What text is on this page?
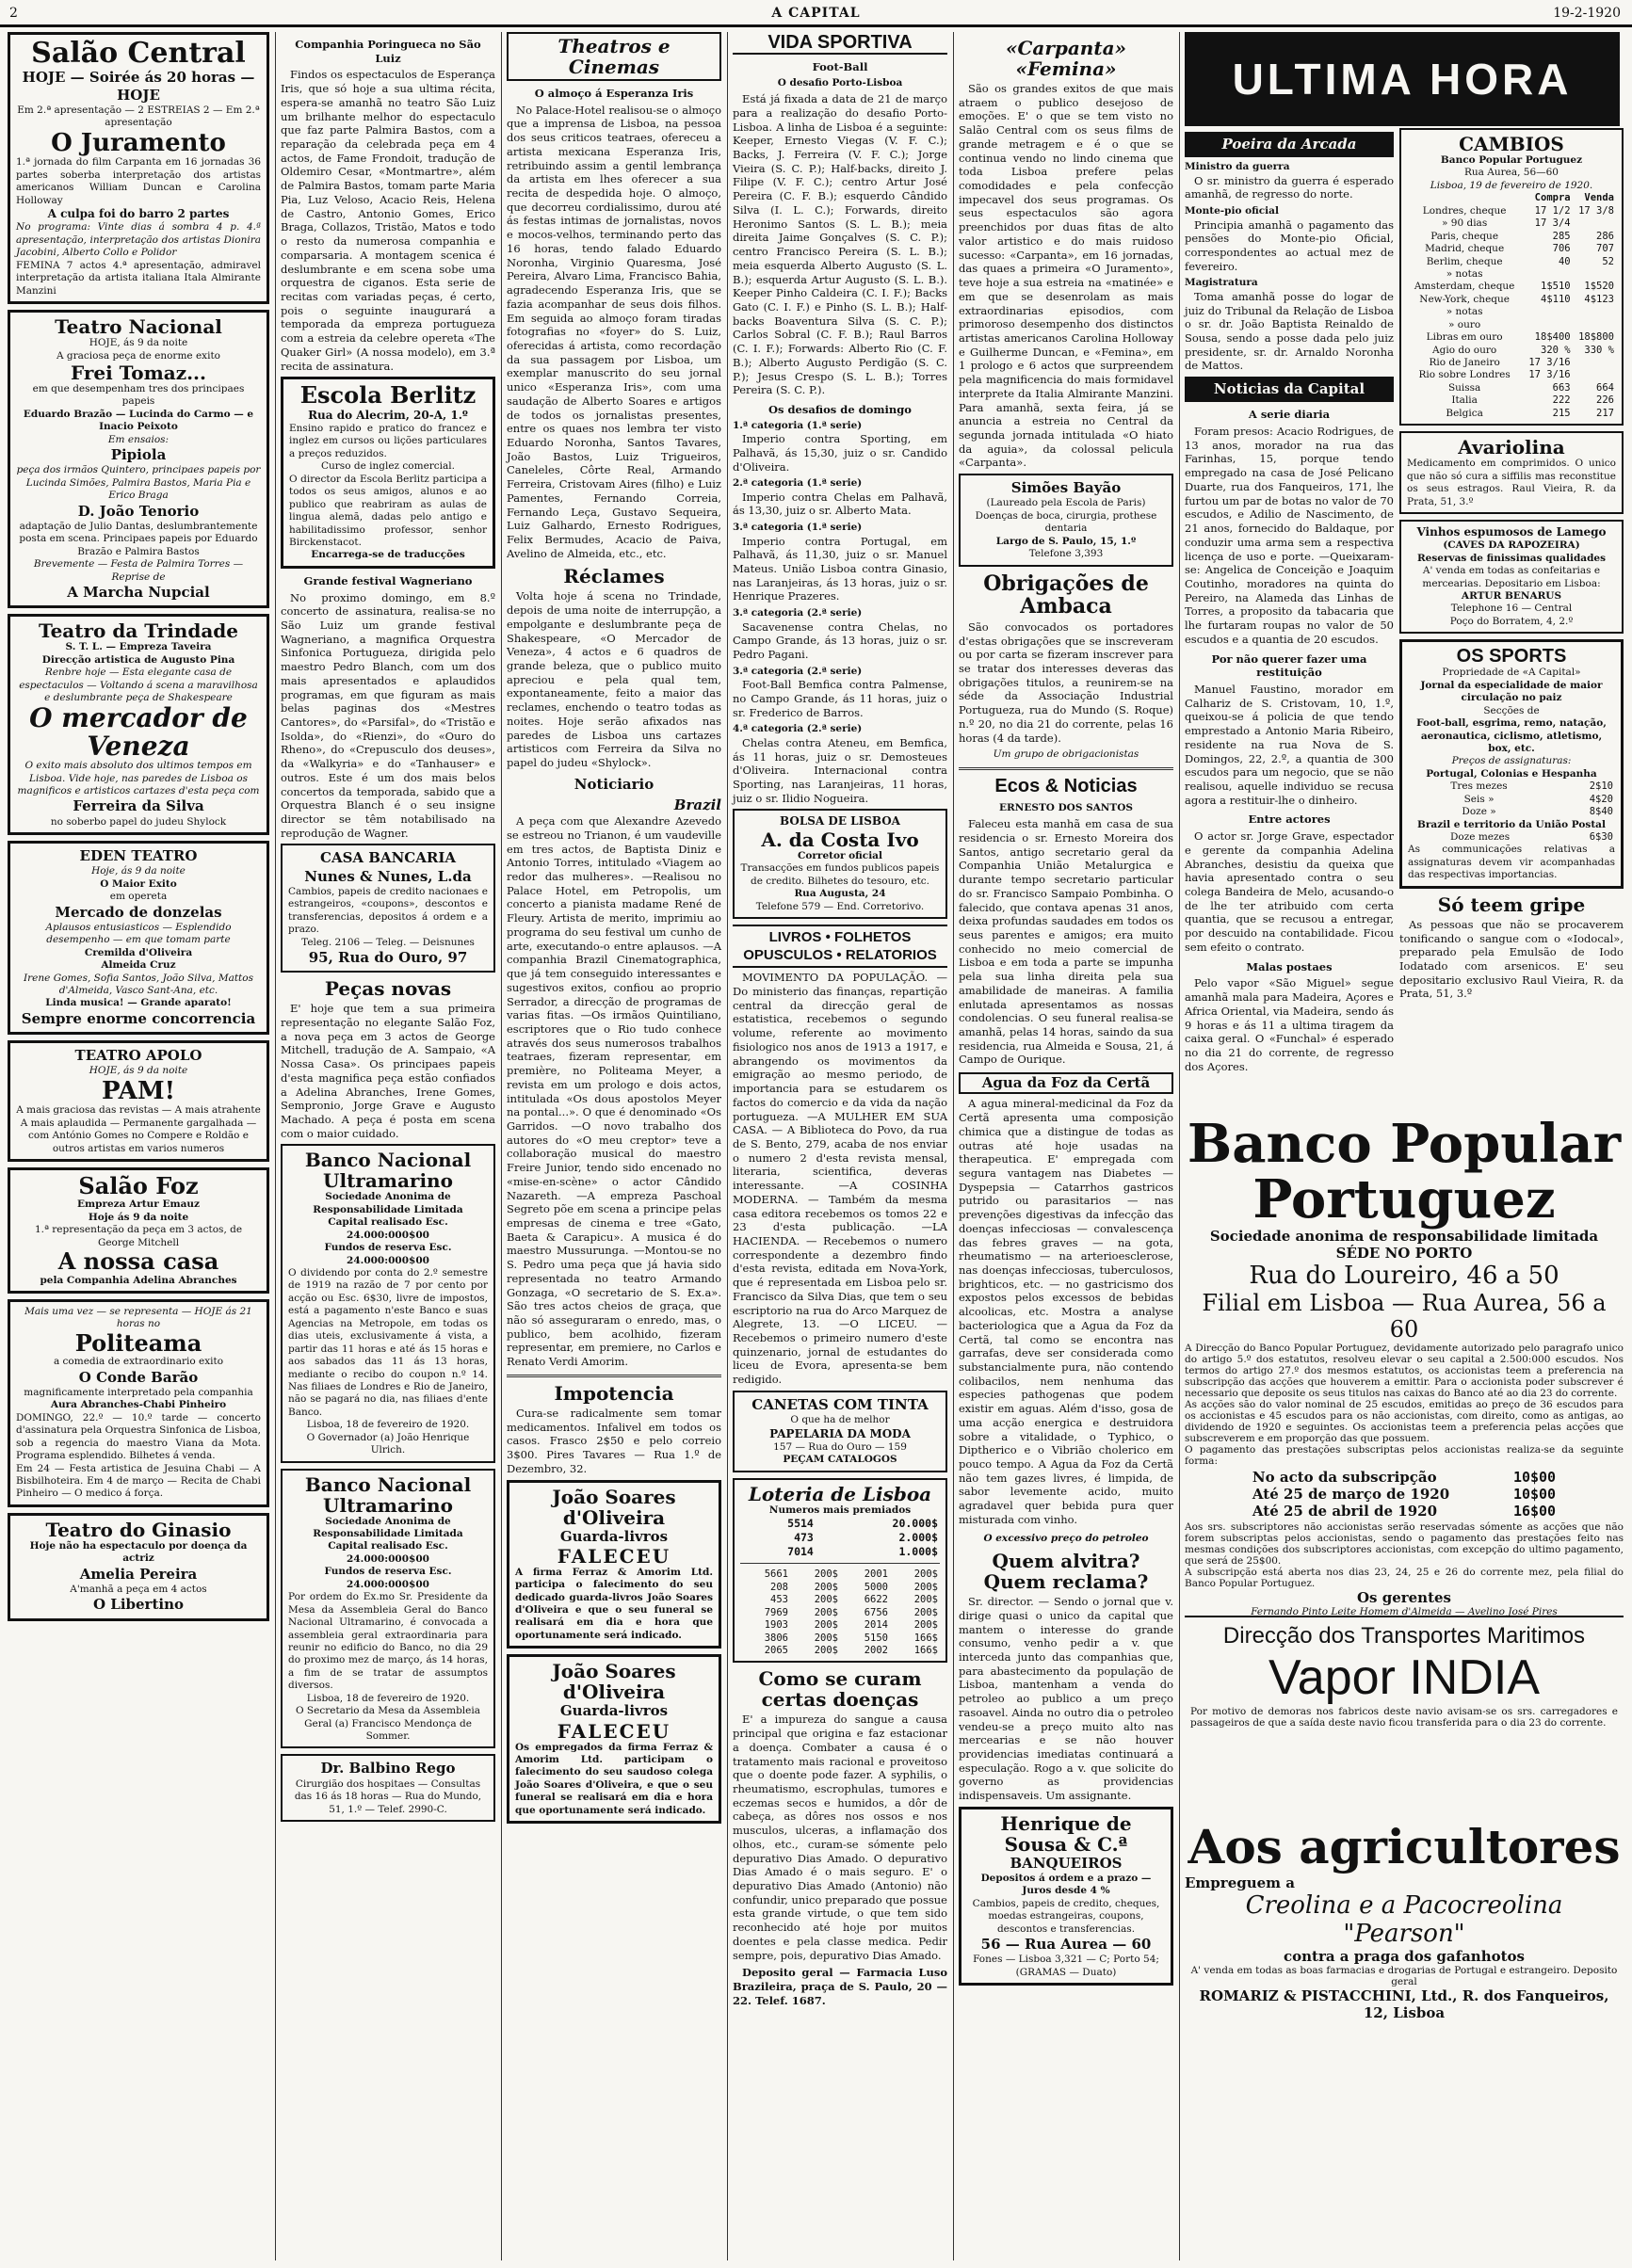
2	A CAPITAL	19-2-1920
Salão Central
HOJE — Soirée ás 20 horas — HOJE
Em 2.ª apresentação — 2 ESTREIAS 2 — Em 2.ª apresentação
O Juramento
1.ª jornada do film Carpanta em 16 jornadas 36 partes soberba interpretação dos artistas americanos William Duncan e Carolina Holloway
A culpa foi do barro 2 partes
No programa: Vinte dias á sombra 4 p. 4.ª apresentação, interpretação dos artistas Dionira Jacobini, Alberto Collo e Polidor
FEMINA 7 actos 4.ª apresentação, admiravel interpretação da artista italiana Itala Almirante Manzini
Teatro Nacional
HOJE, ás 9 da noite
A graciosa peça de enorme exito
Frei Tomaz...
em que desempenham tres dos principaes papeis
Eduardo Brazão — Lucinda do Carmo — e Inacio Peixoto
Em ensaios:
Pipiola
peça dos irmãos Quintero, principaes papeis por Lucinda Simões, Palmira Bastos, Maria Pia e Erico Braga
D. João Tenorio
adaptação de Julio Dantas, deslumbrantemente posta em scena. Principaes papeis por Eduardo Brazão e Palmira Bastos
Brevemente — Festa de Palmira Torres — Reprise de
A Marcha Nupcial
Teatro da Trindade
S. T. L. — Empreza Taveira
Direcção artistica de Augusto Pina
Renbre hoje — Esta elegante casa de espectaculos — Voltando á scena a maravilhosa e deslumbrante peça de Shakespeare
O mercador de Veneza
O exito mais absoluto dos ultimos tempos em Lisboa. Vide hoje, nas paredes de Lisboa os magnificos e artisticos cartazes d'esta peça com
Ferreira da Silva
no soberbo papel do judeu Shylock
EDEN TEATRO
Hoje, ás 9 da noite
O Maior Exito
em opereta
Mercado de donzelas
Aplausos entusiasticos — Esplendido desempenho — em que tomam parte
Cremilda d'Oliveira
Almeida Cruz
Irene Gomes, Sofia Santos, João Silva, Mattos d'Almeida, Vasco Sant-Ana, etc.
Linda musica! — Grande aparato!
Sempre enorme concorrencia
TEATRO APOLO
HOJE, ás 9 da noite
PAM!
A mais graciosa das revistas — A mais atrahente
A mais aplaudida — Permanente gargalhada — com António Gomes no Compere e Roldão e outros artistas em varios numeros
Salão Foz
Empreza Artur Emauz
Hoje ás 9 da noite
1.ª representação da peça em 3 actos, de George Mitchell
A nossa casa
pela Companhia Adelina Abranches
Mais uma vez — se representa — HOJE ás 21 horas no
Politeama
a comedia de extraordinario exito
O Conde Barão
magnificamente interpretado pela companhia
Aura Abranches-Chabi Pinheiro
DOMINGO, 22.º — 10.º tarde — concerto d'assinatura pela Orquestra Sinfonica de Lisboa, sob a regencia do maestro Viana da Mota. Programa esplendido. Bilhetes á venda.
Em 24 — Festa artistica de Jesuina Chabi — A Bisbilhoteira. Em 4 de março — Recita de Chabi Pinheiro — O medico á força.
Teatro do Ginasio
Hoje não ha espectaculo por doença da actriz
Amelia Pereira
A'manhã a peça em 4 actos
O Libertino
Companhia Poringueca no São Luiz

Findos os espectaculos de Esperança Iris, que só hoje a sua ultima récita, espera-se amanhã no teatro São Luiz um brilhante melhor do espectaculo que faz parte Palmira Bastos, com a reparação da celebrada peça em 4 actos, de Fame Frondoit, tradução de Oldemiro Cesar, «Montmartre», além de Palmira Bastos, tomam parte Maria Pia, Luz Veloso, Acacio Reis, Helena de Castro, Antonio Gomes, Erico Braga, Collazos, Tristão, Matos e todo o resto da numerosa companhia e comparsaria. A montagem scenica é deslumbrante e em scena sobe uma orquestra de ciganos. Esta serie de recitas com variadas peças, é certo, pois o seguinte inaugurará a temporada da empreza portugueza com a estreia da celebre opereta «The Quaker Girl» (A nossa modelo), em 3.ª recita de assinatura.

Escola Berlitz
Rua do Alecrim, 20-A, 1.º
Ensino rapido e pratico do francez e inglez em cursos ou lições particulares a preços reduzidos.
Curso de inglez comercial.
O director da Escola Berlitz participa a todos os seus amigos, alunos e ao publico que reabriram as aulas de lingua alemã, dadas pelo antigo e habilitadissimo professor, senhor Birckenstacot.
Encarrega-se de traducções
Grande festival Wagneriano

No proximo domingo, em 8.º concerto de assinatura, realisa-se no São Luiz um grande festival Wagneriano, a magnifica Orquestra Sinfonica Portugueza, dirigida pelo maestro Pedro Blanch, com um dos mais apresentados e aplaudidos programas, em que figuram as mais belas paginas dos «Mestres Cantores», do «Parsifal», do «Tristão e Isolda», do «Rienzi», do «Ouro do Rheno», do «Crepusculo dos deuses», da «Walkyria» e do «Tanhauser» e outros. Este é um dos mais belos concertos da temporada, sabido que a Orquestra Blanch é o seu insigne director se têm notabilisado na reprodução de Wagner.

CASA BANCARIA
Nunes & Nunes, L.da
Cambios, papeis de credito nacionaes e estrangeiros, «coupons», descontos e transferencias, depositos á ordem e a prazo.
Teleg. 2106 — Teleg. — Deisnunes
95, Rua do Ouro, 97
Peças novas

E' hoje que tem a sua primeira representação no elegante Salão Foz, a nova peça em 3 actos de George Mitchell, tradução de A. Sampaio, «A Nossa Casa». Os principaes papeis d'esta magnifica peça estão confiados a Adelina Abranches, Irene Gomes, Sempronio, Jorge Grave e Augusto Machado. A peça é posta em scena com o maior cuidado.

Banco Nacional Ultramarino
Sociedade Anonima de Responsabilidade Limitada
Capital realisado Esc. 24.000:000$00
Fundos de reserva Esc. 24.000:000$00
O dividendo por conta do 2.º semestre de 1919 na razão de 7 por cento por acção ou Esc. 6$30, livre de impostos, está a pagamento n'este Banco e suas Agencias na Metropole, em todas os dias uteis, exclusivamente á vista, a partir das 11 horas e até ás 15 horas e aos sabados das 11 ás 13 horas, mediante o recibo do coupon n.º 14. Nas filiaes de Londres e Rio de Janeiro, não se pagará no dia, nas filiaes d'ente Banco.
Lisboa, 18 de fevereiro de 1920.
O Governador (a) João Henrique Ulrich.
Banco Nacional Ultramarino
Sociedade Anonima de Responsabilidade Limitada
Capital realisado Esc. 24.000:000$00
Fundos de reserva Esc. 24.000:000$00
Por ordem do Ex.mo Sr. Presidente da Mesa da Assembleia Geral do Banco Nacional Ultramarino, é convocada a assembleia geral extraordinaria para reunir no edificio do Banco, no dia 29 do proximo mez de março, ás 14 horas, a fim de se tratar de assumptos diversos.
Lisboa, 18 de fevereiro de 1920.
O Secretario da Mesa da Assembleia Geral (a) Francisco Mendonça de Sommer.
Dr. Balbino Rego
Cirurgião dos hospitaes — Consultas das 16 ás 18 horas — Rua do Mundo, 51, 1.º — Telef. 2990-C.
Theatros e Cinemas
O almoço á Esperanza Iris

No Palace-Hotel realisou-se o almoço que a imprensa de Lisboa, na pessoa dos seus criticos teatraes, ofereceu a artista mexicana Esperanza Iris, retribuindo assim a gentil lembrança da artista em lhes oferecer a sua recita de despedida hoje. O almoço, que decorreu cordialissimo, durou até ás festas intimas de jornalistas, novos e mocos-velhos, terminando perto das 16 horas, tendo falado Eduardo Noronha, Virginio Quaresma, José Pereira, Alvaro Lima, Francisco Bahia, agradecendo Esperanza Iris, que se fazia acompanhar de seus dois filhos. Em seguida ao almoço foram tiradas fotografias no «foyer» do S. Luiz, oferecidas á artista, como recordação da sua passagem por Lisboa, um exemplar manuscrito do seu jornal unico «Esperanza Iris», com uma saudação de Alberto Soares e artigos de todos os jornalistas presentes, entre os quaes nos lembra ter visto Eduardo Noronha, Santos Tavares, João Bastos, Luiz Trigueiros, Caneleles, Côrte Real, Armando Ferreira, Cristovam Aires (filho) e Luiz Pamentes, Fernando Correia, Fernando Leça, Gustavo Sequeira, Luiz Galhardo, Ernesto Rodrigues, Felix Bermudes, Acacio de Paiva, Avelino de Almeida, etc., etc.

Réclames

Volta hoje á scena no Trindade, depois de uma noite de interrupção, a empolgante e deslumbrante peça de Shakespeare, «O Mercador de Veneza», 4 actos e 6 quadros de grande beleza, que o publico muito apreciou e pela qual tem, expontaneamente, feito a maior das reclames, enchendo o teatro todas as noites. Hoje serão afixados nas paredes de Lisboa uns cartazes artisticos com Ferreira da Silva no papel do judeu «Shylock».

Noticiario
Brazil

A peça com que Alexandre Azevedo se estreou no Trianon, é um vaudeville em tres actos, de Baptista Diniz e Antonio Torres, intitulado «Viagem ao redor das mulheres». —Realisou no Palace Hotel, em Petropolis, um concerto a pianista madame René de Fleury. Artista de merito, imprimiu ao programa do seu festival um cunho de arte, executando-o entre aplausos. —A companhia Brazil Cinematographica, que já tem conseguido interessantes e sugestivos exitos, confiou ao proprio Serrador, a direcção de programas de varias fitas. —Os irmãos Quintiliano, escriptores que o Rio tudo conhece através dos seus numerosos trabalhos teatraes, fizeram representar, em première, no Politeama Meyer, a revista em um prologo e dois actos, intitulada «Os dous apostolos Meyer na pontal...». O que é denominado «Os Garridos. —O novo trabalho dos autores do «O meu creptor» teve a collaboração musical do maestro Freire Junior, tendo sido encenado no «mise-en-scène» o actor Cândido Nazareth. —A empreza Paschoal Segreto põe em scena a principe pelas empresas de cinema e tree «Gato, Baeta & Carapicu». A musica é do maestro Mussurunga. —Montou-se no S. Pedro uma peça que já havia sido representada no teatro Armando Gonzaga, «O secretario de S. Ex.a». São tres actos cheios de graça, que não só asseguraram o enredo, mas, o publico, bem acolhido, fizeram representar, em premiere, no Carlos e Renato Verdi Amorim.

Impotencia

Cura-se radicalmente sem tomar medicamentos. Infalivel em todos os casos. Frasco 2$50 e pelo correio 3$00. Pires Tavares — Rua 1.º de Dezembro, 32.

João Soares d'Oliveira
Guarda-livros
FALECEU
A firma Ferraz & Amorim Ltd. participa o falecimento do seu dedicado guarda-livros João Soares d'Oliveira e que o seu funeral se realisará em dia e hora que oportunamente será indicado.
João Soares d'Oliveira
Guarda-livros
FALECEU
Os empregados da firma Ferraz & Amorim Ltd. participam o falecimento do seu saudoso colega João Soares d'Oliveira, e que o seu funeral se realisará em dia e hora que oportunamente será indicado.
VIDA SPORTIVA
Foot-Ball
O desafio Porto-Lisboa

Está já fixada a data de 21 de março para a realização do desafio Porto-Lisboa. A linha de Lisboa é a seguinte: Keeper, Ernesto Viegas (V. F. C.); Backs, J. Ferreira (V. F. C.); Jorge Vieira (S. C. P.); Half-backs, direito J. Filipe (V. F. C.); centro Artur José Pereira (C. F. B.); esquerdo Cândido Silva (I. L. C.); Forwards, direito Heronimo Santos (S. L. B.); meia direita Jaime Gonçalves (S. C. P.); centro Francisco Pereira (S. L. B.); meia esquerda Alberto Augusto (S. L. B.); esquerda Artur Augusto (S. L. B.). Keeper Pinho Caldeira (C. I. F.); Backs Gato (C. I. F.) e Pinho (S. L. B.); Half-backs Boaventura Silva (S. C. P.); Carlos Sobral (C. F. B.); Raul Barros (C. I. F.); Forwards: Alberto Rio (C. F. B.); Alberto Augusto Perdigão (S. C. P.); Jesus Crespo (S. L. B.); Torres Pereira (S. C. P.).

Os desafios de domingo
1.ª categoria (1.ª serie)

Imperio contra Sporting, em Palhavã, ás 15,30, juiz o sr. Candido d'Oliveira.

2.ª categoria (1.ª serie)

Imperio contra Chelas em Palhavã, ás 13,30, juiz o sr. Alberto Mata.

3.ª categoria (1.ª serie)

Imperio contra Portugal, em Palhavã, ás 11,30, juiz o sr. Manuel Mateus. União Lisboa contra Ginasio, nas Laranjeiras, ás 13 horas, juiz o sr. Henrique Prazeres.

3.ª categoria (2.ª serie)

Sacavenense contra Chelas, no Campo Grande, ás 13 horas, juiz o sr. Pedro Pagani.

3.ª categoria (2.ª serie)

Foot-Ball Bemfica contra Palmense, no Campo Grande, ás 11 horas, juiz o sr. Frederico de Barros.

4.ª categoria (2.ª serie)

Chelas contra Ateneu, em Bemfica, ás 11 horas, juiz o sr. Demosteues d'Oliveira. Internacional contra Sporting, nas Laranjeiras, 11 horas, juiz o sr. Ilidio Nogueira.

BOLSA DE LISBOA
A. da Costa Ivo
Corretor oficial
Transacções em fundos publicos papeis de credito. Bilhetes do tesouro, etc.
Rua Augusta, 24
Telefone 579 — End. Corretorivo.
LIVROS • FOLHETOS OPUSCULOS • RELATORIOS

MOVIMENTO DA POPULAÇÃO. — Do ministerio das finanças, repartição central da direcção geral de estatistica, recebemos o segundo volume, referente ao movimento fisiologico nos anos de 1913 a 1917, e abrangendo os movimentos da emigração ao mesmo periodo, de importancia para se estudarem os factos do comercio e da vida da nação portugueza. —A MULHER EM SUA CASA. — A Biblioteca do Povo, da rua de S. Bento, 279, acaba de nos enviar o numero 2 d'esta revista mensal, literaria, scientifica, deveras interessante. —A COSINHA MODERNA. — Também da mesma casa editora recebemos os tomos 22 e 23 d'esta publicação. —LA HACIENDA. — Recebemos o numero correspondente a dezembro findo d'esta revista, editada em Nova-York, que é representada em Lisboa pelo sr. Francisco da Silva Dias, que tem o seu escriptorio na rua do Arco Marquez de Alegrete, 13. —O LICEU. — Recebemos o primeiro numero d'este quinzenario, jornal de estudantes do liceu de Evora, apresenta-se bem redigido.

CANETAS COM TINTA
O que ha de melhor
PAPELARIA DA MODA
157 — Rua do Ouro — 159
PEÇAM CATALOGOS
Loteria de Lisboa
Numeros mais premiados
5514	20.000$
473	2.000$
7014	1.000$
5661	200$	2001	200$
208	200$	5000	200$
453	200$	6622	200$
7969	200$	6756	200$
1903	200$	2014	200$
3806	200$	5150	166$
2065	200$	2002	166$
Como se curam certas doenças

E' a impureza do sangue a causa principal que origina e faz estacionar a doença. Combater a causa é o tratamento mais racional e proveitoso que o doente pode fazer. A syphilis, o rheumatismo, escrophulas, tumores e eczemas secos e humidos, a dôr de cabeça, as dôres nos ossos e nos musculos, ulceras, a inflamação dos olhos, etc., curam-se sómente pelo depurativo Dias Amado. O depurativo Dias Amado é o mais seguro. E' o depurativo Dias Amado (Antonio) não confundir, unico preparado que possue esta grande virtude, o que tem sido reconhecido até hoje por muitos doentes e pela classe medica. Pedir sempre, pois, depurativo Dias Amado.

Deposito geral — Farmacia Luso Brazileira, praça de S. Paulo, 20 — 22. Telef. 1687.

«Carpanta» «Femina»

São os grandes exitos de que mais atraem o publico desejoso de emoções. E' o que se tem visto no Salão Central com os seus films de grande metragem e é o que se continua vendo no lindo cinema que toda Lisboa prefere pelas comodidades e pela confecção impecavel dos seus programas. Os seus espectaculos são agora preenchidos por duas fitas de alto valor artistico e do mais ruidoso sucesso: «Carpanta», em 16 jornadas, das quaes a primeira «O Juramento», teve hoje a sua estreia na «matinée» e em que se desenrolam as mais extraordinarias episodios, com primoroso desempenho dos distinctos artistas americanos Carolina Holloway e Guilherme Duncan, e «Femina», em 1 prologo e 6 actos que surpreendem pela magnificencia do mais formidavel interprete da Italia Almirante Manzini. Para amanhã, sexta feira, já se anuncia a estreia no Central da segunda jornada intitulada «O hiato da aguia», da colossal pelicula «Carpanta».

Simões Bayão
(Laureado pela Escola de Paris)
Doenças de boca, cirurgia, prothese dentaria
Largo de S. Paulo, 15, 1.º
Telefone 3,393
Obrigações de Ambaca

São convocados os portadores d'estas obrigações que se inscreveram ou por carta se fizeram inscrever para se tratar dos interesses deveras das obrigações titulos, a reunirem-se na séde da Associação Industrial Portugueza, rua do Mundo (S. Roque) n.º 20, no dia 21 do corrente, pelas 16 horas (4 da tarde).

Um grupo de obrigacionistas
Ecos & Noticias
ERNESTO DOS SANTOS

Faleceu esta manhã em casa de sua residencia o sr. Ernesto Moreira dos Santos, antigo secretario geral da Companhia União Metalurgica e durante tempo secretario particular do sr. Francisco Sampaio Pombinha. O falecido, que contava apenas 31 anos, deixa profundas saudades em todos os seus parentes e amigos; era muito conhecido no meio comercial de Lisboa e em toda a parte se impunha pela sua linha direita pela sua amabilidade de maneiras. A familia enlutada apresentamos as nossas condolencias. O seu funeral realisa-se amanhã, pelas 14 horas, saindo da sua residencia, rua Almeida e Sousa, 21, á Campo de Ourique.

Agua da Foz da Certã

A agua mineral-medicinal da Foz da Certã apresenta uma composição chimica que a distingue de todas as outras até hoje usadas na therapeutica. E' empregada com segura vantagem nas Diabetes — Dyspepsia — Catarrhos gastricos putrido ou parasitarios — nas prevenções digestivas da infecção das doenças infecciosas — convalescença das febres graves — na gota, rheumatismo — na arterioesclerose, nas doenças infecciosas, tuberculosos, brighticos, etc. — no gastricismo dos expostos pelos excessos de bebidas alcoolicas, etc. Mostra a analyse bacteriologica que a Agua da Foz da Certã, tal como se encontra nas garrafas, deve ser considerada como substancialmente pura, não contendo colibacilos, nem nenhuma das especies pathogenas que podem existir em aguas. Além d'isso, gosa de uma acção energica e destruidora sobre a vitalidade, o Typhico, o Diptherico e o Vibrião cholerico em pouco tempo. A Agua da Foz da Certã não tem gazes livres, é limpida, de sabor levemente acido, muito agradavel quer bebida pura quer misturada com vinho.

O excessivo preço do petroleo
Quem alvitra? Quem reclama?

Sr. director. — Sendo o jornal que v. dirige quasi o unico da capital que mantem o interesse do grande consumo, venho pedir a v. que interceda junto das companhias que, para abastecimento da população de Lisboa, mantenham a venda do petroleo ao publico a um preço rasoavel. Ainda no outro dia o petroleo vendeu-se a preço muito alto nas mercearias e se não houver providencias imediatas continuará a especulação. Rogo a v. que solicite do governo as providencias indispensaveis. Um assignante.

Henrique de Sousa & C.ª
BANQUEIROS
Depositos á ordem e a prazo — Juros desde 4 %
Cambios, papeis de credito, cheques, moedas estrangeiras, coupons, descontos e transferencias.
56 — Rua Aurea — 60
Fones — Lisboa 3,321 — C; Porto 54; (GRAMAS — Duato)
ULTIMA HORA
Poeira da Arcada
Ministro da guerra

O sr. ministro da guerra é esperado amanhã, de regresso do norte.

Monte-pio oficial

Principia amanhã o pagamento das pensões do Monte-pio Oficial, correspondentes ao actual mez de fevereiro.

Magistratura

Toma amanhã posse do logar de juiz do Tribunal da Relação de Lisboa o sr. dr. João Baptista Reinaldo de Sousa, sendo a posse dada pelo juiz presidente, sr. dr. Arnaldo Noronha de Mattos.

Noticias da Capital
A serie diaria

Foram presos: Acacio Rodrigues, de 13 anos, morador na rua das Farinhas, 15, porque tendo empregado na casa de José Pelicano Duarte, rua dos Fanqueiros, 171, lhe furtou um par de botas no valor de 70 escudos, e Adilio de Nascimento, de 21 anos, fornecido do Baldaque, por conduzir uma arma sem a respectiva licença de uso e porte. —Queixaram-se: Angelica de Conceição e Joaquim Coutinho, moradores na quinta do Pereiro, na Alameda das Linhas de Torres, a proposito da tabacaria que lhe furtaram roupas no valor de 50 escudos e a quantia de 20 escudos.

Por não querer fazer uma restituição

Manuel Faustino, morador em Calhariz de S. Cristovam, 10, 1.º, queixou-se á policia de que tendo emprestado a Antonio Maria Ribeiro, residente na rua Nova de S. Domingos, 22, 2.º, a quantia de 300 escudos para um negocio, que se não realisou, aquelle individuo se recusa agora a restituir-lhe o dinheiro.

Entre actores

O actor sr. Jorge Grave, espectador e gerente da companhia Adelina Abranches, desistiu da queixa que havia apresentado contra o seu colega Bandeira de Melo, acusando-o de lhe ter atribuido com certa quantia, que se recusou a entregar, por descuido na contabilidade. Ficou sem efeito o contrato.

Malas postaes

Pelo vapor «São Miguel» segue amanhã mala para Madeira, Açores e Africa Oriental, via Madeira, sendo ás 9 horas e ás 11 a ultima tiragem da caixa geral. O «Funchal» é esperado no dia 21 do corrente, de regresso dos Açores.

CAMBIOS
Banco Popular Portuguez
Rua Aurea, 56—60
Lisboa, 19 de fevereiro de 1920.
	Compra	Venda
Londres, cheque	17 1/2	17 3/8
» 90 dias	17 3/4	
Paris, cheque	285	286
Madrid, cheque	706	707
Berlim, cheque	40	52
» notas		
Amsterdam, cheque	1$510	1$520
New-York, cheque	4$110	4$123
» notas		
» ouro		
Libras em ouro	18$400	18$800
Agio do ouro	320 %	330 %
Rio de Janeiro	17 3/16	
Rio sobre Londres	17 3/16	
Suissa	663	664
Italia	222	226
Belgica	215	217
Avariolina
Medicamento em comprimidos. O unico que não só cura a siffilis mas reconstitue os seus estragos. Raul Vieira, R. da Prata, 51, 3.º
Vinhos espumosos de Lamego
(CAVES DA RAPOZEIRA)
Reservas de finissimas qualidades
A' venda em todas as confeitarias e mercearias. Depositario em Lisboa:
ARTUR BENARUS
Telephone 16 — Central
Poço do Borratem, 4, 2.º
OS SPORTS
Propriedade de «A Capital»
Jornal da especialidade de maior circulação no paiz
Secções de
Foot-ball, esgrima, remo, natação, aeronautica, ciclismo, atletismo, box, etc.
Preços de assignaturas:
Portugal, Colonias e Hespanha
Tres mezes	2$10
Seis »	4$20
Doze »	8$40
Brazil e territorio da União Postal
Doze mezes	6$30
As communicações relativas a assignaturas devem vir acompanhadas das respectivas importancias.
Só teem gripe

As pessoas que não se procaverem tonificando o sangue com o «Iodocal», preparado pela Emulsão de Iodo Iodatado com arsenicos. E' seu depositario exclusivo Raul Vieira, R. da Prata, 51, 3.º

Banco Popular
Portuguez
Sociedade anonima de responsabilidade limitada
SÉDE NO PORTO
Rua do Loureiro, 46 a 50
Filial em Lisboa — Rua Aurea, 56 a 60
A Direcção do Banco Popular Portuguez, devidamente autorizado pelo paragrafo unico do artigo 5.º dos estatutos, resolveu elevar o seu capital a 2.500:000 escudos. Nos termos do artigo 27.º dos mesmos estatutos, os accionistas teem a preferencia na subscripção das acções que houverem a emittir. Para o accionista poder subscrever é necessario que deposite os seus titulos nas caixas do Banco até ao dia 23 do corrente.
As acções são do valor nominal de 25 escudos, emitidas ao preço de 36 escudos para os accionistas e 45 escudos para os não accionistas, com direito, como as antigas, ao dividendo de 1920 e seguintes. Os accionistas teem a preferencia pelas acções que subscreverem e em proporção das que possuem.
O pagamento das prestações subscriptas pelos accionistas realiza-se da seguinte forma:
No acto da subscripção	10$00
Até 25 de março de 1920	10$00
Até 25 de abril de 1920	16$00
Aos srs. subscriptores não accionistas serão reservadas sómente as acções que não forem subscriptas pelos accionistas, sendo o pagamento das prestações feito nas mesmas condições dos subscriptores accionistas, com excepção do ultimo pagamento, que será de 25$00.
A subscripção está aberta nos dias 23, 24, 25 e 26 do corrente mez, pela filial do Banco Popular Portuguez.
Os gerentes
Fernando Pinto Leite Homem d'Almeida — Avelino José Pires
Direcção dos Transportes Maritimos
Vapor INDIA
Por motivo de demoras nos fabricos deste navio avisam-se os srs. carregadores e passageiros de que a saída deste navio ficou transferida para o dia 23 do corrente.
Aos agricultores
Empreguem a
Creolina e a Pacocreolina "Pearson"
contra a praga dos gafanhotos
A' venda em todas as boas farmacias e drogarias de Portugal e estrangeiro. Deposito geral
ROMARIZ & PISTACCHINI, Ltd., R. dos Fanqueiros, 12, Lisboa
